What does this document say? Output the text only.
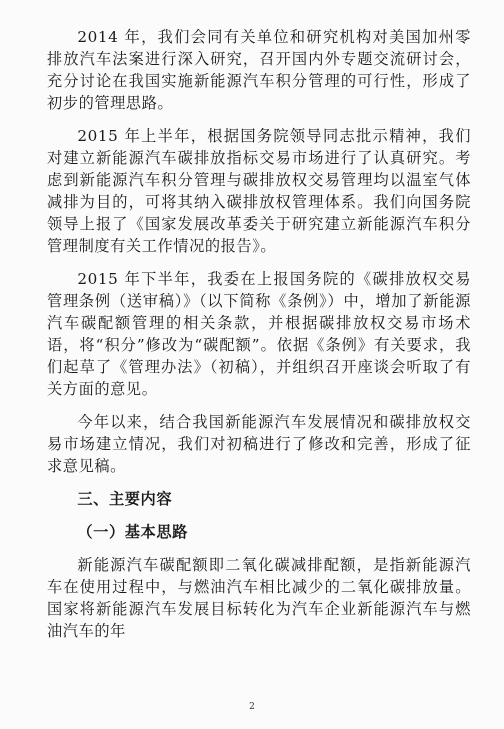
2014 年，我们会同有关单位和研究机构对美国加州零排放汽车法案进行深入研究，召开国内外专题交流研讨会，充分讨论在我国实施新能源汽车积分管理的可行性，形成了初步的管理思路。

2015 年上半年，根据国务院领导同志批示精神，我们对建立新能源汽车碳排放指标交易市场进行了认真研究。考虑到新能源汽车积分管理与碳排放权交易管理均以温室气体减排为目的，可将其纳入碳排放权管理体系。我们向国务院领导上报了《国家发展改革委关于研究建立新能源汽车积分管理制度有关工作情况的报告》。

2015 年下半年，我委在上报国务院的《碳排放权交易管理条例（送审稿）》（以下简称《条例》）中，增加了新能源汽车碳配额管理的相关条款，并根据碳排放权交易市场术语，将“积分”修改为“碳配额”。依据《条例》有关要求，我们起草了《管理办法》（初稿），并组织召开座谈会听取了有关方面的意见。

今年以来，结合我国新能源汽车发展情况和碳排放权交易市场建立情况，我们对初稿进行了修改和完善，形成了征求意见稿。

三、主要内容

（一）基本思路

新能源汽车碳配额即二氧化碳减排配额，是指新能源汽车在使用过程中，与燃油汽车相比减少的二氧化碳排放量。国家将新能源汽车发展目标转化为汽车企业新能源汽车与燃油汽车的年

2
